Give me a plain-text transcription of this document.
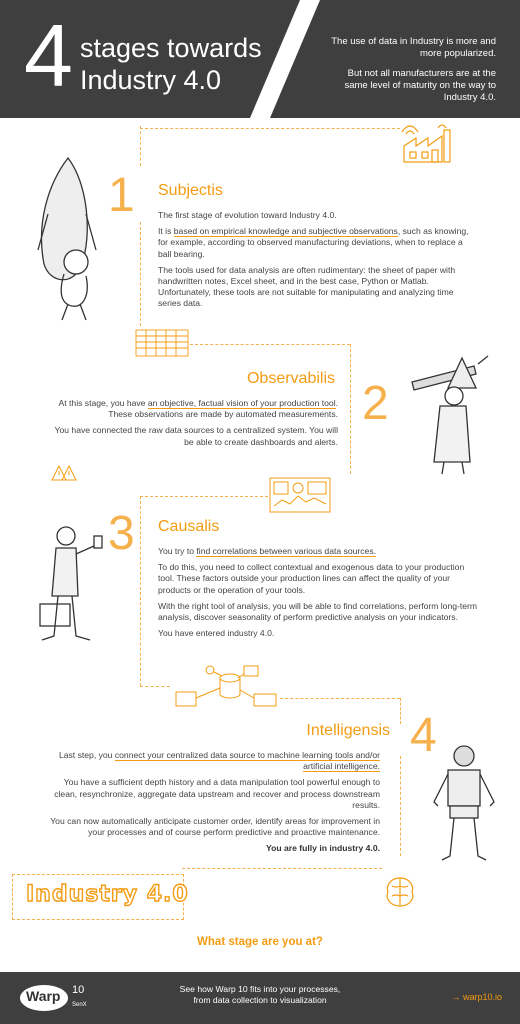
4 stages towards
Industry 4.0

The use of data in Industry is more and more popularized.

But not all manufacturers are at the same level of maturity on the way to Industry 4.0.

1 Subjectis

The first stage of evolution toward Industry 4.0.

It is based on empirical knowledge and subjective observations, such as knowing, for example, according to observed manufacturing deviations, when to replace a ball bearing.

The tools used for data analysis are often rudimentary: the sheet of paper with handwritten notes, Excel sheet, and in the best case, Python or Matlab. Unfortunately, these tools are not suitable for manipulating and analyzing time series data.

Observabilis 2

At this stage, you have an objective, factual vision of your production tool. These observations are made by automated measurements.

You have connected the raw data sources to a centralized system. You will be able to create dashboards and alerts.

3 Causalis

You try to find correlations between various data sources.

To do this, you need to collect contextual and exogenous data to your production tool. These factors outside your production lines can affect the quality of your products or the operation of your tools.

With the right tool of analysis, you will be able to find correlations, perform long-term analysis, discover seasonality of perform predictive analysis on your indicators.

You have entered industry 4.0.

Intelligensis 4

Last step, you connect your centralized data source to machine learning tools and/or artificial intelligence.

You have a sufficient depth history and a data manipulation tool powerful enough to clean, resynchronize, aggregate data upstream and recover and process downstream results.

You can now automatically anticipate customer order, identify areas for improvement in your processes and of course perform predictive and proactive maintenance.

You are fully in industry 4.0.

Industry 4.0
What stage are you at?
Warp 10
SenX
See how Warp 10 fits into your processes,
from data collection to visualization	→ warp10.io
